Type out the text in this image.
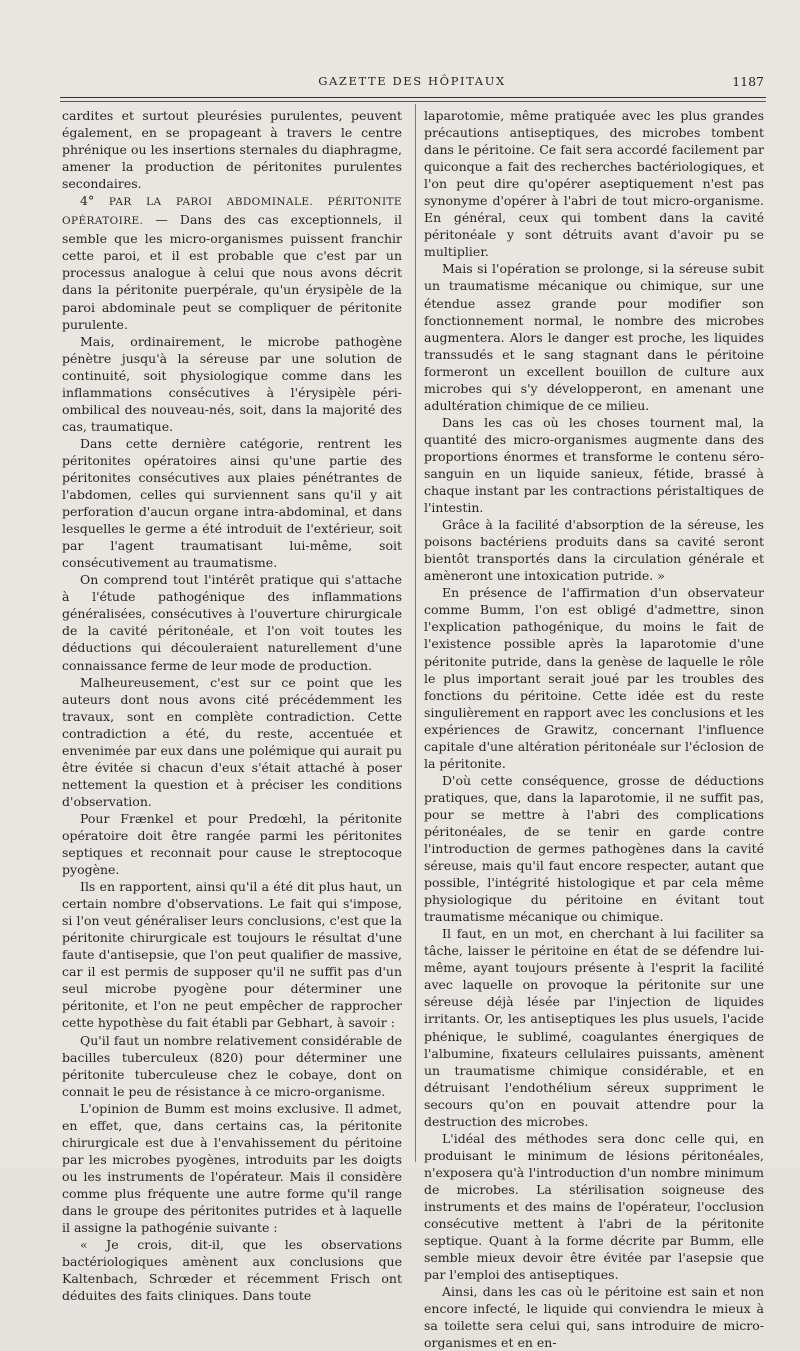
GAZETTE DES HÔPITAUX	1187

cardites et surtout pleurésies purulentes, peuvent également, en se propageant à travers le centre phrénique ou les insertions sternales du diaphragme, amener la production de péritonites purulentes secondaires.

4° PAR LA PAROI ABDOMINALE. PÉRITONITE OPÉRATOIRE. — Dans des cas exceptionnels, il semble que les micro-organismes puissent franchir cette paroi, et il est probable que c'est par un processus analogue à celui que nous avons décrit dans la péritonite puerpérale, qu'un érysipèle de la paroi abdominale peut se compliquer de péritonite purulente.

Mais, ordinairement, le microbe pathogène pénètre jusqu'à la séreuse par une solution de continuité, soit physiologique comme dans les inflammations consécutives à l'érysipèle péri-ombilical des nouveau-nés, soit, dans la majorité des cas, traumatique.

Dans cette dernière catégorie, rentrent les péritonites opératoires ainsi qu'une partie des péritonites consécutives aux plaies pénétrantes de l'abdomen, celles qui surviennent sans qu'il y ait perforation d'aucun organe intra-abdominal, et dans lesquelles le germe a été introduit de l'extérieur, soit par l'agent traumatisant lui-même, soit consécutivement au traumatisme.

On comprend tout l'intérêt pratique qui s'attache à l'étude pathogénique des inflammations généralisées, consécutives à l'ouverture chirurgicale de la cavité péritonéale, et l'on voit toutes les déductions qui découleraient naturellement d'une connaissance ferme de leur mode de production.

Malheureusement, c'est sur ce point que les auteurs dont nous avons cité précédemment les travaux, sont en complète contradiction. Cette contradiction a été, du reste, accentuée et envenimée par eux dans une polémique qui aurait pu être évitée si chacun d'eux s'était attaché à poser nettement la question et à préciser les conditions d'observation.

Pour Frænkel et pour Predœhl, la péritonite opératoire doit être rangée parmi les péritonites septiques et reconnait pour cause le streptocoque pyogène.

Ils en rapportent, ainsi qu'il a été dit plus haut, un certain nombre d'observations. Le fait qui s'impose, si l'on veut généraliser leurs conclusions, c'est que la péritonite chirurgicale est toujours le résultat d'une faute d'antisepsie, que l'on peut qualifier de massive, car il est permis de supposer qu'il ne suffit pas d'un seul microbe pyogène pour déterminer une péritonite, et l'on ne peut empêcher de rapprocher cette hypothèse du fait établi par Gebhart, à savoir :

Qu'il faut un nombre relativement considérable de bacilles tuberculeux (820) pour déterminer une péritonite tuberculeuse chez le cobaye, dont on connait le peu de résistance à ce micro-organisme.

L'opinion de Bumm est moins exclusive. Il admet, en effet, que, dans certains cas, la péritonite chirurgicale est due à l'envahissement du péritoine par les microbes pyogènes, introduits par les doigts ou les instruments de l'opérateur. Mais il considère comme plus fréquente une autre forme qu'il range dans le groupe des péritonites putrides et à laquelle il assigne la pathogénie suivante :

« Je crois, dit-il, que les observations bactériologiques amènent aux conclusions que Kaltenbach, Schrœder et récemment Frisch ont déduites des faits cliniques. Dans toute

laparotomie, même pratiquée avec les plus grandes précautions antiseptiques, des microbes tombent dans le péritoine. Ce fait sera accordé facilement par quiconque a fait des recherches bactériologiques, et l'on peut dire qu'opérer aseptiquement n'est pas synonyme d'opérer à l'abri de tout micro-organisme. En général, ceux qui tombent dans la cavité péritonéale y sont détruits avant d'avoir pu se multiplier.

Mais si l'opération se prolonge, si la séreuse subit un traumatisme mécanique ou chimique, sur une étendue assez grande pour modifier son fonctionnement normal, le nombre des microbes augmentera. Alors le danger est proche, les liquides transsudés et le sang stagnant dans le péritoine formeront un excellent bouillon de culture aux microbes qui s'y développeront, en amenant une adultération chimique de ce milieu.

Dans les cas où les choses tournent mal, la quantité des micro-organismes augmente dans des proportions énormes et transforme le contenu séro-sanguin en un liquide sanieux, fétide, brassé à chaque instant par les contractions péristaltiques de l'intestin.

Grâce à la facilité d'absorption de la séreuse, les poisons bactériens produits dans sa cavité seront bientôt transportés dans la circulation générale et amèneront une intoxication putride. »

En présence de l'affirmation d'un observateur comme Bumm, l'on est obligé d'admettre, sinon l'explication pathogénique, du moins le fait de l'existence possible après la laparotomie d'une péritonite putride, dans la genèse de laquelle le rôle le plus important serait joué par les troubles des fonctions du péritoine. Cette idée est du reste singulièrement en rapport avec les conclusions et les expériences de Grawitz, concernant l'influence capitale d'une altération péritonéale sur l'éclosion de la péritonite.

D'où cette conséquence, grosse de déductions pratiques, que, dans la laparotomie, il ne suffit pas, pour se mettre à l'abri des complications péritonéales, de se tenir en garde contre l'introduction de germes pathogènes dans la cavité séreuse, mais qu'il faut encore respecter, autant que possible, l'intégrité histologique et par cela même physiologique du péritoine en évitant tout traumatisme mécanique ou chimique.

Il faut, en un mot, en cherchant à lui faciliter sa tâche, laisser le péritoine en état de se défendre lui-même, ayant toujours présente à l'esprit la facilité avec laquelle on provoque la péritonite sur une séreuse déjà lésée par l'injection de liquides irritants. Or, les antiseptiques les plus usuels, l'acide phénique, le sublimé, coagulantes énergiques de l'albumine, fixateurs cellulaires puissants, amènent un traumatisme chimique considérable, et en détruisant l'endothélium séreux suppriment le secours qu'on en pouvait attendre pour la destruction des microbes.

L'idéal des méthodes sera donc celle qui, en produisant le minimum de lésions péritonéales, n'exposera qu'à l'introduction d'un nombre minimum de microbes. La stérilisation soigneuse des instruments et des mains de l'opérateur, l'occlusion consécutive mettent à l'abri de la péritonite septique. Quant à la forme décrite par Bumm, elle semble mieux devoir être évitée par l'asepsie que par l'emploi des antiseptiques.

Ainsi, dans les cas où le péritoine est sain et non encore infecté, le liquide qui conviendra le mieux à sa toilette sera celui qui, sans introduire de micro-organismes et en en-
